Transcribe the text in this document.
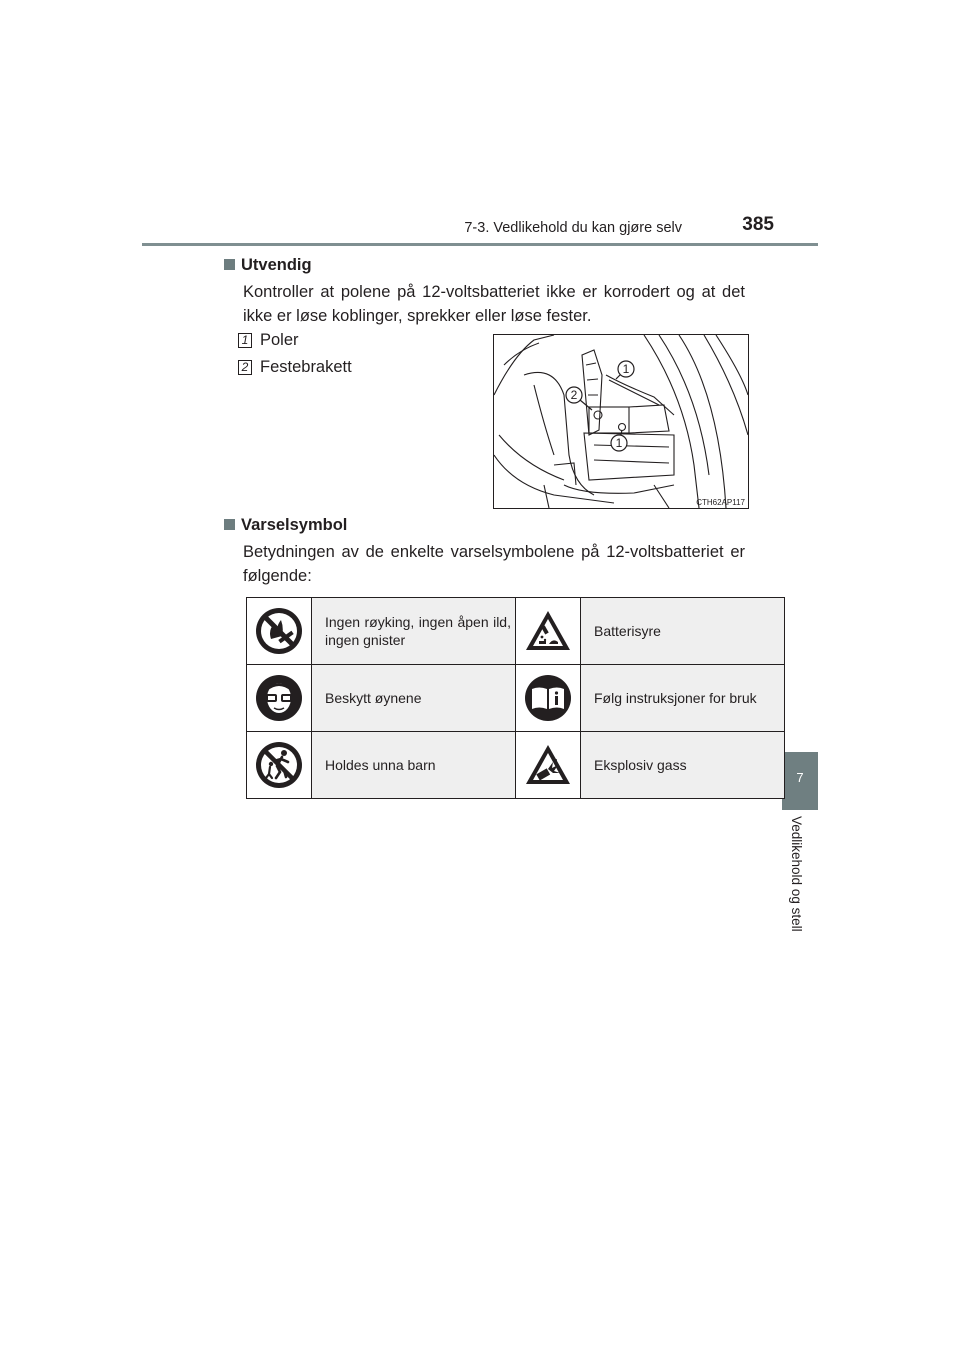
7-3. Vedlikehold du kan gjøre selv	385
7
Vedlikehold og stell
Utvendig
Kontroller at polene på 12-voltsbatteriet ikke er korrodert og at det ikke er løse koblinger, sprekker eller løse fester.
1 Poler
2 Festebrakett	1
2
1
CTH62AP117
Varselsymbol
Betydningen av de enkelte varselsymbolene på 12-voltsbatteriet er følgende:
	Ingen røyking, ingen åpen ild, ingen gnister		Batterisyre

	Beskytt øynene		Følg instruksjoner for bruk

	Holdes unna barn		Eksplosiv gass
